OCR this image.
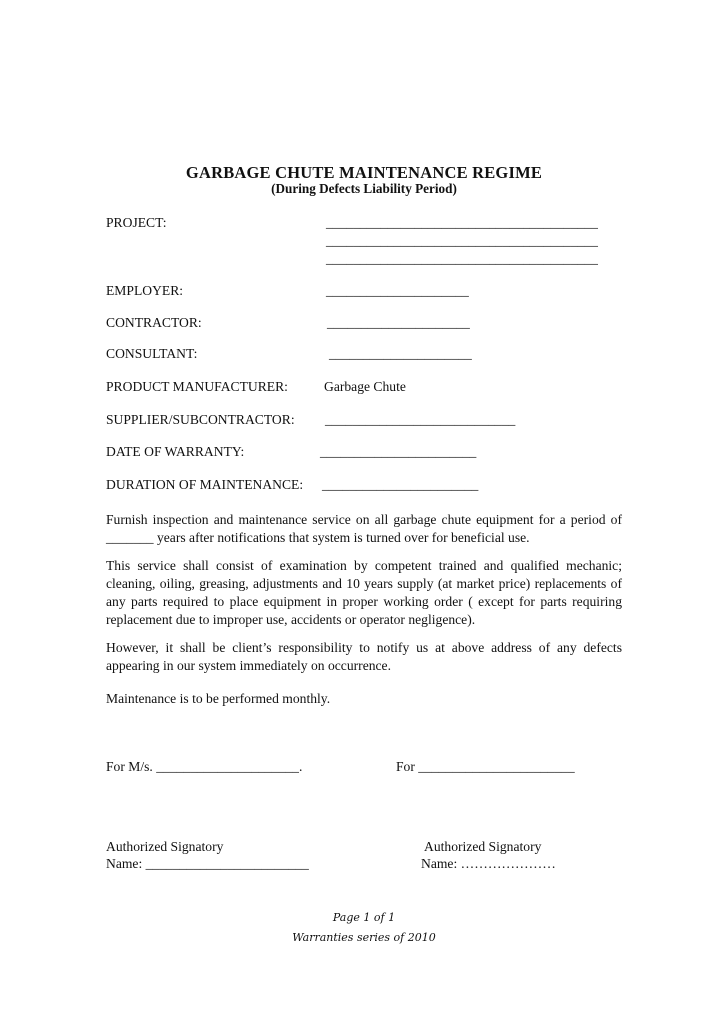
GARBAGE CHUTE MAINTENANCE REGIME
(During Defects Liability Period)
PROJECT:	________________________________________
________________________________________
________________________________________
EMPLOYER:	_____________________
CONTRACTOR:	_____________________
CONSULTANT:	_____________________
PRODUCT MANUFACTURER:	Garbage Chute
SUPPLIER/SUBCONTRACTOR: ____________________________
DATE OF WARRANTY:	_______________________
DURATION OF MAINTENANCE: _______________________
Furnish inspection and maintenance service on all garbage chute equipment for a period of _______ years after notifications that system is turned over for beneficial use.
This service shall consist of examination by competent trained and qualified mechanic; cleaning, oiling, greasing, adjustments and 10 years supply (at market price) replacements of any parts required to place equipment in proper working order ( except for parts requiring replacement due to improper use, accidents or operator negligence).
However, it shall be client’s responsibility to notify us at above address of any defects appearing in our system immediately on occurrence.
Maintenance is to be performed monthly.
For M/s. _____________________.	For _______________________
Authorized Signatory
Name: ________________________
Authorized Signatory
Name: …………………
Page 1 of 1
Warranties series of 2010
